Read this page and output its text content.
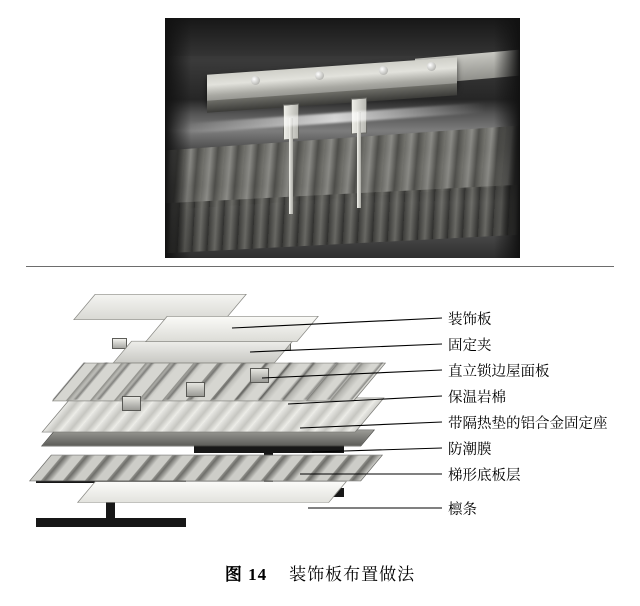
装饰板
固定夹
直立锁边屋面板
保温岩棉
带隔热垫的铝合金固定座
防潮膜
梯形底板层
檩条
图 14 装饰板布置做法
